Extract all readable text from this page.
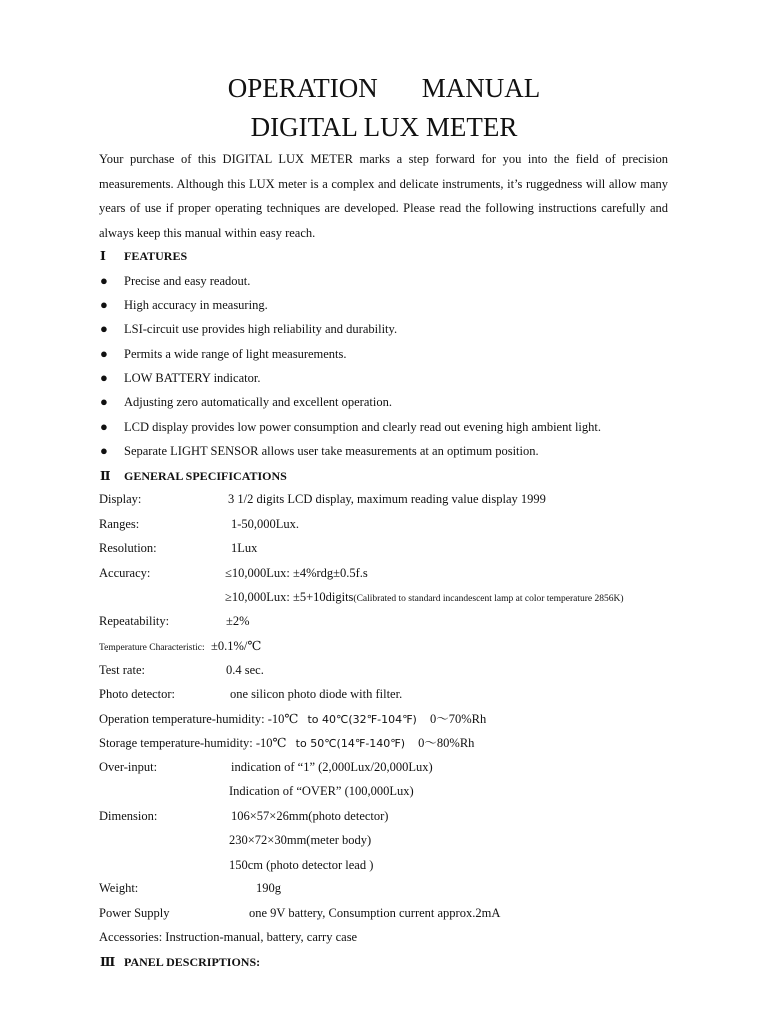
OPERATION MANUAL
DIGITAL LUX METER
Your purchase of this DIGITAL LUX METER marks a step forward for you into the field of precision measurements. Although this LUX meter is a complex and delicate instruments, it’s ruggedness will allow many years of use if proper operating techniques are developed. Please read the following instructions carefully and always keep this manual within easy reach.
Ⅰ FEATURES
● Precise and easy readout.
● High accuracy in measuring.
● LSI-circuit use provides high reliability and durability.
● Permits a wide range of light measurements.
● LOW BATTERY indicator.
● Adjusting zero automatically and excellent operation.
● LCD display provides low power consumption and clearly read out evening high ambient light.
● Separate LIGHT SENSOR allows user take measurements at an optimum position.
Ⅱ GENERAL SPECIFICATIONS
Display:	3 1/2 digits LCD display, maximum reading value display 1999
Ranges:	1-50,000Lux.
Resolution:	1Lux
Accuracy:	≤10,000Lux: ±4%rdg±0.5f.s
≥10,000Lux: ±5+10digits(Calibrated to standard incandescent lamp at color temperature 2856K)
Repeatability:	±2%
Temperature Characteristic: ±0.1%/℃
Test rate:	0.4 sec.
Photo detector:	one silicon photo diode with filter.
Operation temperature-humidity: -10℃ to 40℃(32℉-104℉) 0～70%Rh
Storage temperature-humidity: -10℃ to 50℃(14℉-140℉) 0～80%Rh
Over-input:	indication of “1” (2,000Lux/20,000Lux)
Indication of “OVER” (100,000Lux)
Dimension:	106×57×26mm(photo detector)
230×72×30mm(meter body)
150cm (photo detector lead )
Weight:	190g
Power Supply	one 9V battery, Consumption current approx.2mA
Accessories: Instruction-manual, battery, carry case
Ⅲ PANEL DESCRIPTIONS:
